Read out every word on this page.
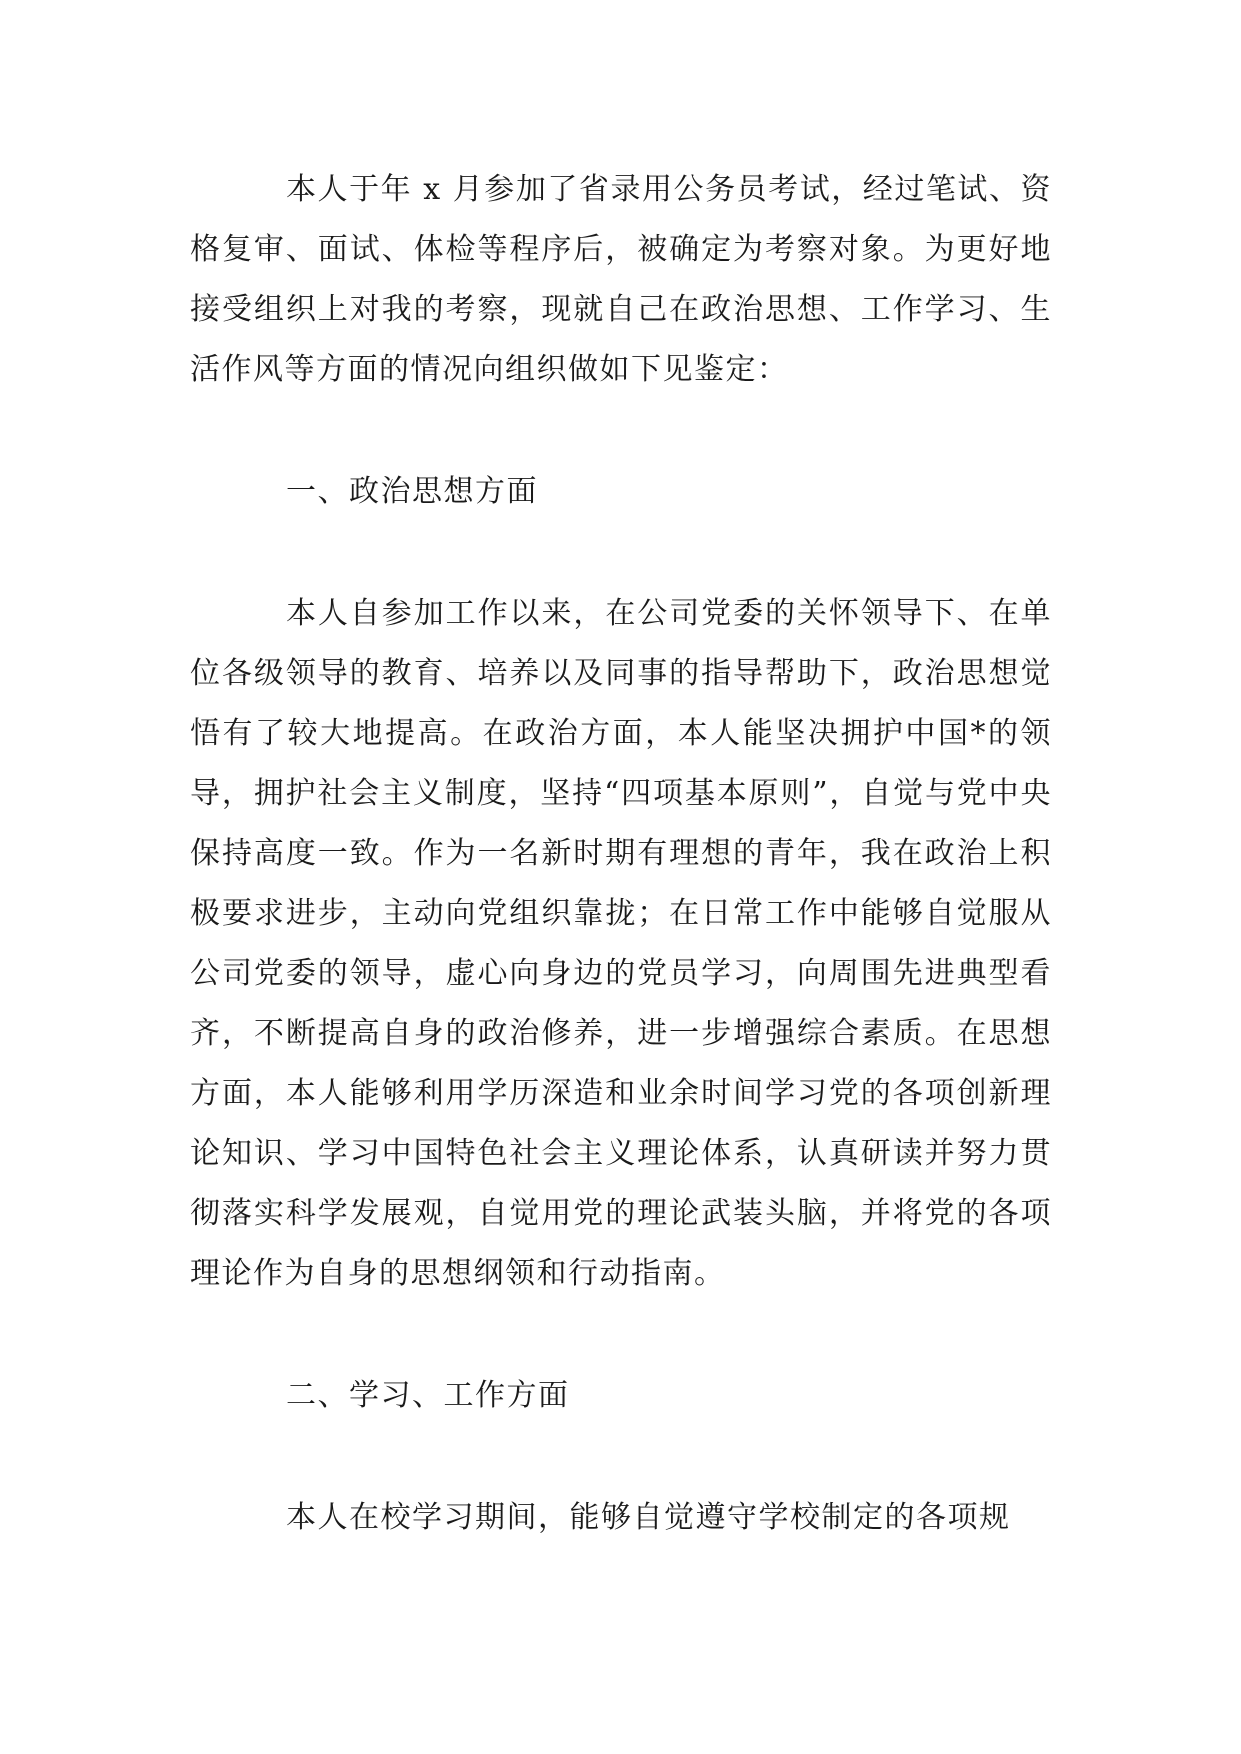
本人于年 x 月参加了省录用公务员考试，经过笔试、资格复审、面试、体检等程序后，被确定为考察对象。为更好地接受组织上对我的考察，现就自己在政治思想、工作学习、生活作风等方面的情况向组织做如下见鉴定：

一、政治思想方面

本人自参加工作以来，在公司党委的关怀领导下、在单位各级领导的教育、培养以及同事的指导帮助下，政治思想觉悟有了较大地提高。在政治方面，本人能坚决拥护中国*的领导，拥护社会主义制度，坚持“四项基本原则”，自觉与党中央保持高度一致。作为一名新时期有理想的青年，我在政治上积极要求进步，主动向党组织靠拢；在日常工作中能够自觉服从公司党委的领导，虚心向身边的党员学习，向周围先进典型看齐，不断提高自身的政治修养，进一步增强综合素质。在思想方面，本人能够利用学历深造和业余时间学习党的各项创新理论知识、学习中国特色社会主义理论体系，认真研读并努力贯彻落实科学发展观，自觉用党的理论武装头脑，并将党的各项理论作为自身的思想纲领和行动指南。

二、学习、工作方面

本人在校学习期间，能够自觉遵守学校制定的各项规
